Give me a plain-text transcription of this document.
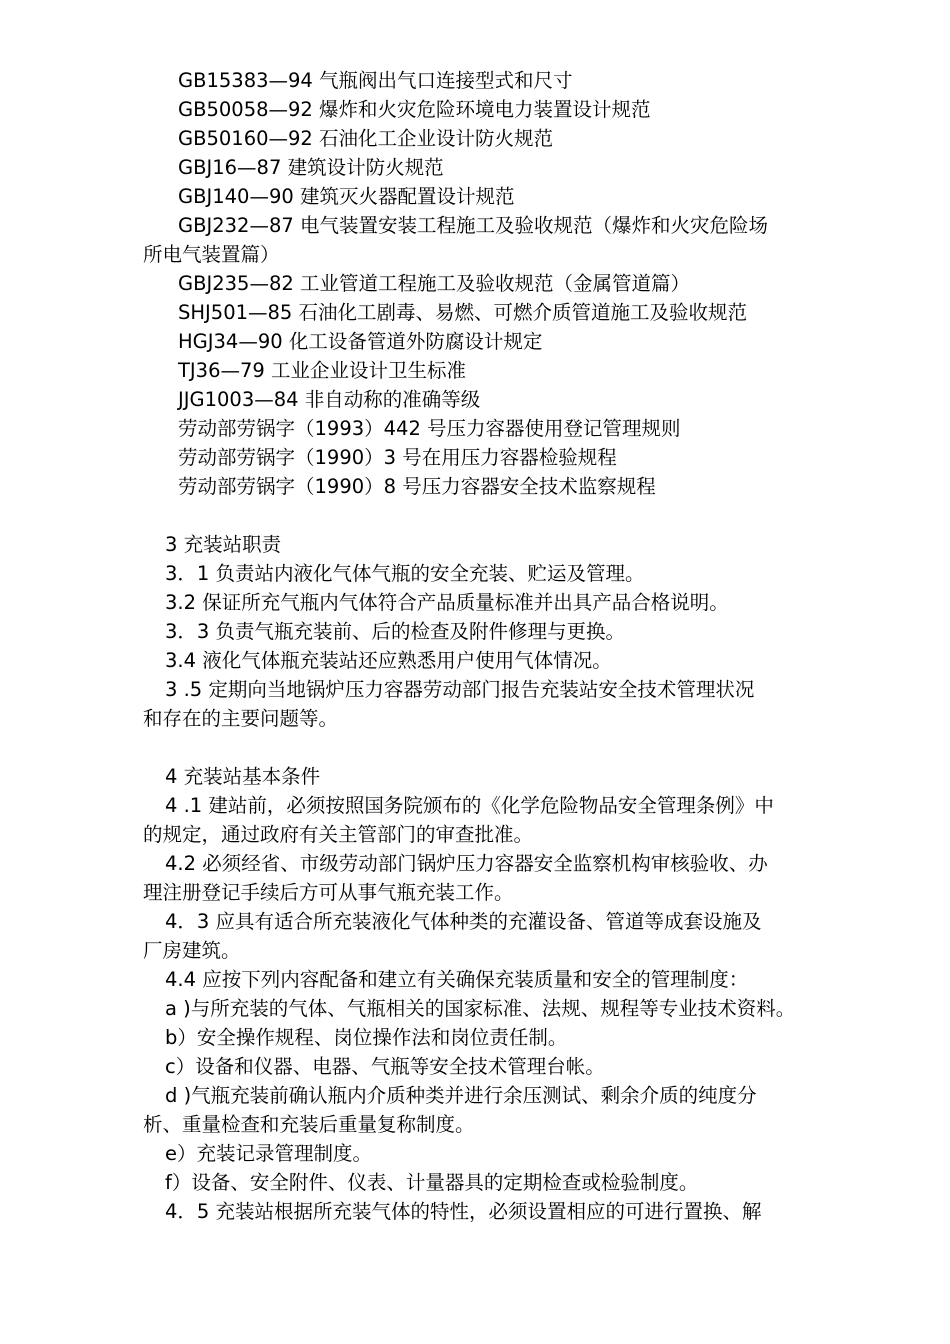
GB15383—94 气瓶阀出气口连接型式和尺寸
GB50058—92 爆炸和火灾危险环境电力装置设计规范
GB50160—92 石油化工企业设计防火规范
GBJ16—87 建筑设计防火规范
GBJ140—90 建筑灭火器配置设计规范
GBJ232—87 电气装置安装工程施工及验收规范（爆炸和火灾危险场
所电气装置篇）
GBJ235—82 工业管道工程施工及验收规范（金属管道篇）
SHJ501—85 石油化工剧毒、易燃、可燃介质管道施工及验收规范
HGJ34—90 化工设备管道外防腐设计规定
TJ36—79 工业企业设计卫生标准
JJG1003—84 非自动称的准确等级
劳动部劳锅字（1993）442 号压力容器使用登记管理规则
劳动部劳锅字（1990）3 号在用压力容器检验规程
劳动部劳锅字（1990）8 号压力容器安全技术监察规程
3 充装站职责
3．1 负责站内液化气体气瓶的安全充装、贮运及管理。
3.2 保证所充气瓶内气体符合产品质量标准并出具产品合格说明。
3．3 负责气瓶充装前、后的检查及附件修理与更换。
3.4 液化气体瓶充装站还应熟悉用户使用气体情况。
3 .5 定期向当地锅炉压力容器劳动部门报告充装站安全技术管理状况
和存在的主要问题等。
4 充装站基本条件
4 .1 建站前，必须按照国务院颁布的《化学危险物品安全管理条例》中
的规定，通过政府有关主管部门的审查批准。
4.2 必须经省、市级劳动部门锅炉压力容器安全监察机构审核验收、办
理注册登记手续后方可从事气瓶充装工作。
4．3 应具有适合所充装液化气体种类的充灌设备、管道等成套设施及
厂房建筑。
4.4 应按下列内容配备和建立有关确保充装质量和安全的管理制度：
a )与所充装的气体、气瓶相关的国家标准、法规、规程等专业技术资料。
b）安全操作规程、岗位操作法和岗位责任制。
c）设备和仪器、电器、气瓶等安全技术管理台帐。
d )气瓶充装前确认瓶内介质种类并进行余压测试、剩余介质的纯度分
析、重量检查和充装后重量复称制度。
e）充装记录管理制度。
f）设备、安全附件、仪表、计量器具的定期检查或检验制度。
4．5 充装站根据所充装气体的特性，必须设置相应的可进行置换、解
